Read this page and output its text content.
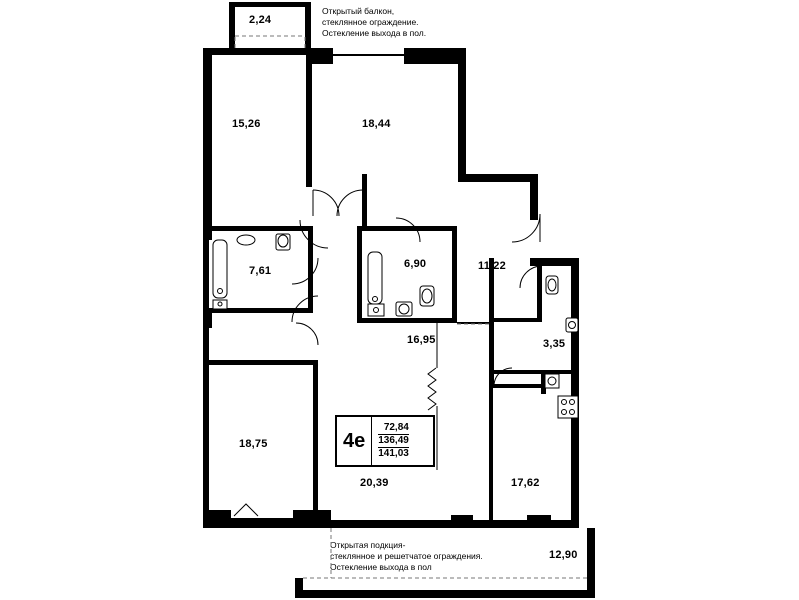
Открытый балкон,
стеклянное ограждение.
Остекление выхода в пол.
Открытая подкция-
стеклянное и решетчатое ограждения.
Остекление выхода в пол
2,24
15,26	18,44
7,61
6,90	11,22
3,35
16,95
18,75
20,39	17,62
12,90
4е
72,84
136,49
141,03
